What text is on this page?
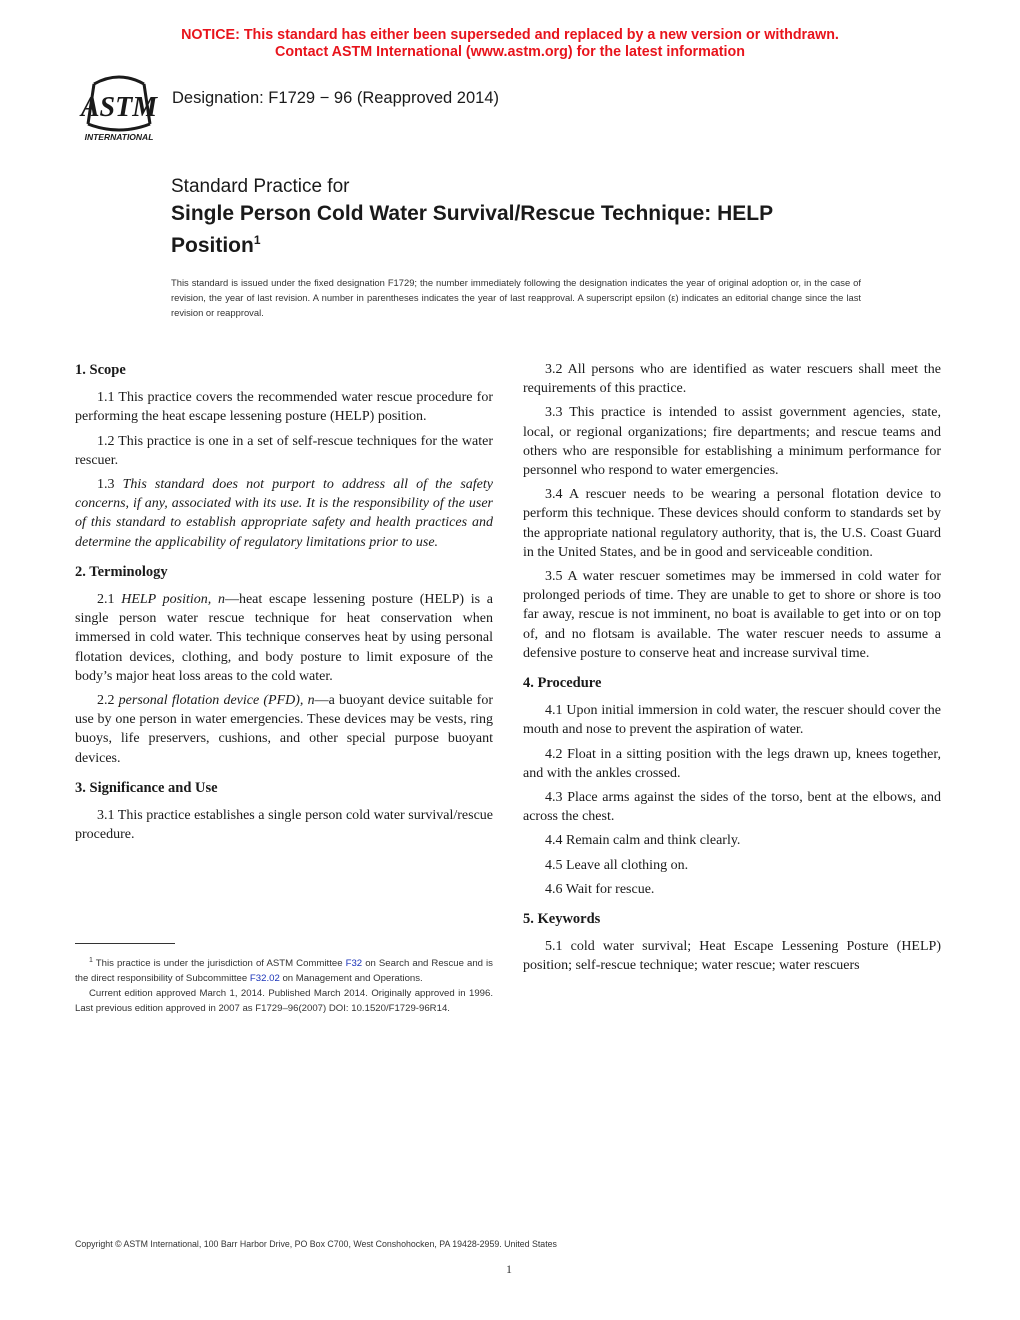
NOTICE: This standard has either been superseded and replaced by a new version or withdrawn.
Contact ASTM International (www.astm.org) for the latest information
ASTM
INTERNATIONAL
Designation: F1729 − 96 (Reapproved 2014)
Standard Practice for
Single Person Cold Water Survival/Rescue Technique: HELP
Position$^1$
This standard is issued under the fixed designation F1729; the number immediately following the designation indicates the year of original adoption or, in the case of revision, the year of last revision. A number in parentheses indicates the year of last reapproval. A superscript epsilon (ε) indicates an editorial change since the last revision or reapproval.
1. Scope

1.1 This practice covers the recommended water rescue procedure for performing the heat escape lessening posture (HELP) position.

1.2 This practice is one in a set of self-rescue techniques for the water rescuer.

1.3 This standard does not purport to address all of the safety concerns, if any, associated with its use. It is the responsibility of the user of this standard to establish appropriate safety and health practices and determine the applicability of regulatory limitations prior to use.

2. Terminology

2.1 HELP position, n—heat escape lessening posture (HELP) is a single person water rescue technique for heat conservation when immersed in cold water. This technique conserves heat by using personal flotation devices, clothing, and body posture to limit exposure of the body’s major heat loss areas to the cold water.

2.2 personal flotation device (PFD), n—a buoyant device suitable for use by one person in water emergencies. These devices may be vests, ring buoys, life preservers, cushions, and other special purpose buoyant devices.

3. Significance and Use

3.1 This practice establishes a single person cold water survival/rescue procedure.

$^1$ This practice is under the jurisdiction of ASTM Committee F32 on Search and Rescue and is the direct responsibility of Subcommittee F32.02 on Management and Operations.

Current edition approved March 1, 2014. Published March 2014. Originally approved in 1996. Last previous edition approved in 2007 as F1729–96(2007) DOI: 10.1520/F1729-96R14.

3.2 All persons who are identified as water rescuers shall meet the requirements of this practice.

3.3 This practice is intended to assist government agencies, state, local, or regional organizations; fire departments; and rescue teams and others who are responsible for establishing a minimum performance for personnel who respond to water emergencies.

3.4 A rescuer needs to be wearing a personal flotation device to perform this technique. These devices should conform to standards set by the appropriate national regulatory authority, that is, the U.S. Coast Guard in the United States, and be in good and serviceable condition.

3.5 A water rescuer sometimes may be immersed in cold water for prolonged periods of time. They are unable to get to shore or shore is too far away, rescue is not imminent, no boat is available to get into or on top of, and no flotsam is available. The water rescuer needs to assume a defensive posture to conserve heat and increase survival time.

4. Procedure

4.1 Upon initial immersion in cold water, the rescuer should cover the mouth and nose to prevent the aspiration of water.

4.2 Float in a sitting position with the legs drawn up, knees together, and with the ankles crossed.

4.3 Place arms against the sides of the torso, bent at the elbows, and across the chest.

4.4 Remain calm and think clearly.

4.5 Leave all clothing on.

4.6 Wait for rescue.

5. Keywords

5.1 cold water survival; Heat Escape Lessening Posture (HELP) position; self-rescue technique; water rescue; water rescuers

Copyright © ASTM International, 100 Barr Harbor Drive, PO Box C700, West Conshohocken, PA 19428-2959. United States
1
